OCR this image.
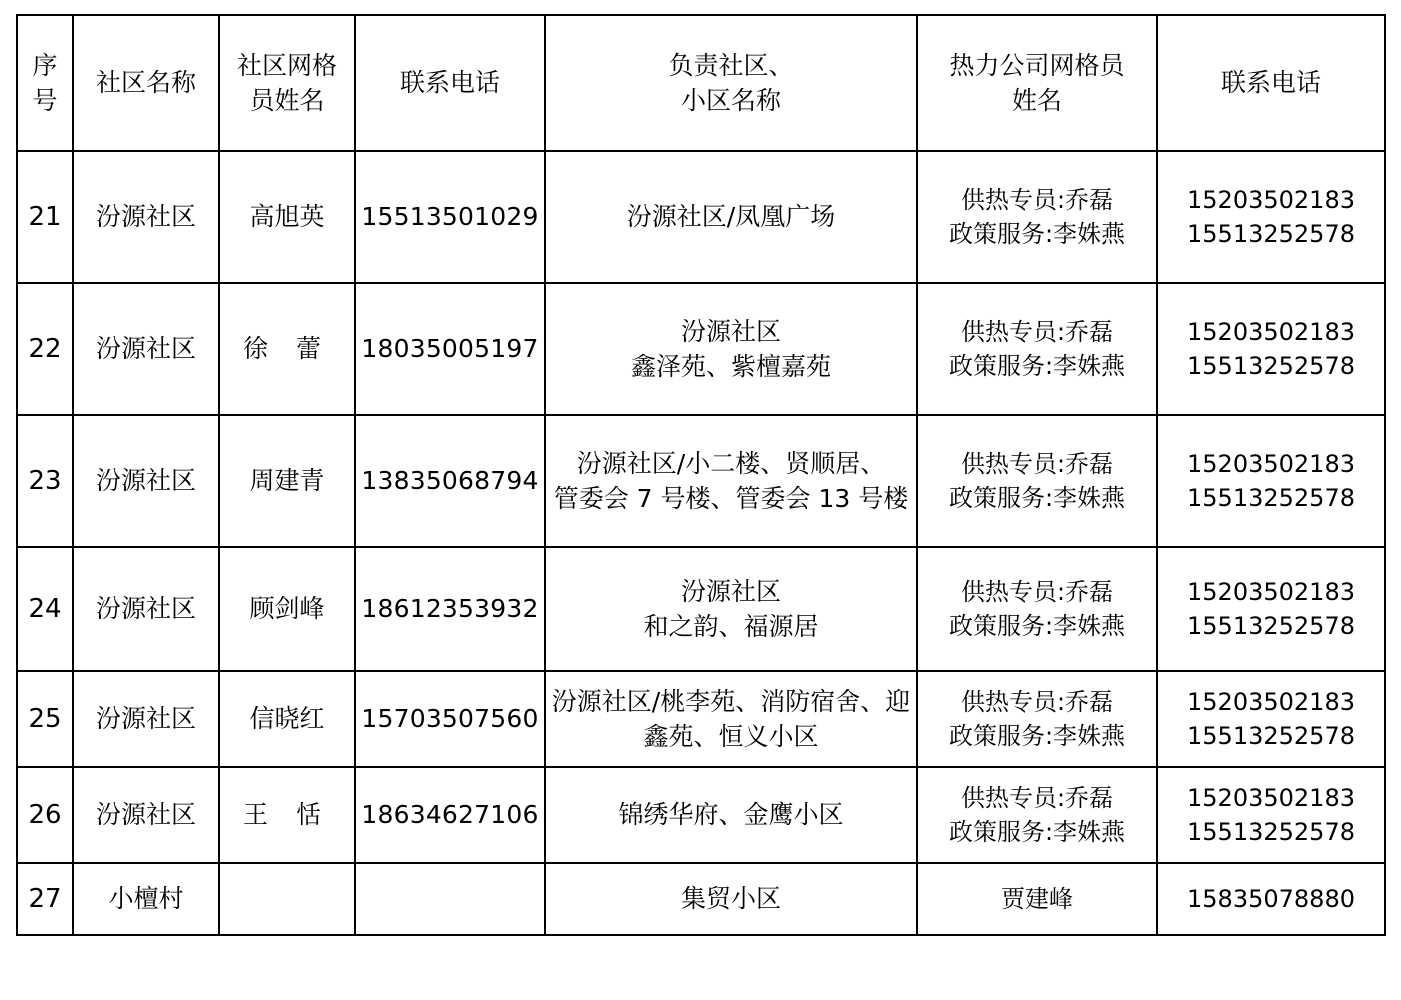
序
号	社区名称	社区网格
员姓名	联系电话	负责社区、
小区名称	热力公司网格员
姓名	联系电话

21	汾源社区	高旭英	15513501029	汾源社区/凤凰广场	供热专员:乔磊
政策服务:李姝燕	15203502183
15513252578

22	汾源社区	徐 蕾	18035005197	汾源社区
鑫泽苑、紫檀嘉苑	供热专员:乔磊
政策服务:李姝燕	15203502183
15513252578

23	汾源社区	周建青	13835068794	汾源社区/小二楼、贤顺居、
管委会 7 号楼、管委会 13 号楼	供热专员:乔磊
政策服务:李姝燕	15203502183
15513252578

24	汾源社区	顾剑峰	18612353932	汾源社区
和之韵、福源居	供热专员:乔磊
政策服务:李姝燕	15203502183
15513252578

25	汾源社区	信晓红	15703507560	汾源社区/桃李苑、消防宿舍、迎
鑫苑、恒义小区	供热专员:乔磊
政策服务:李姝燕	15203502183
15513252578

26	汾源社区	王 恬	18634627106	锦绣华府、金鹰小区	供热专员:乔磊
政策服务:李姝燕	15203502183
15513252578

27	小檀村			集贸小区	贾建峰	15835078880
